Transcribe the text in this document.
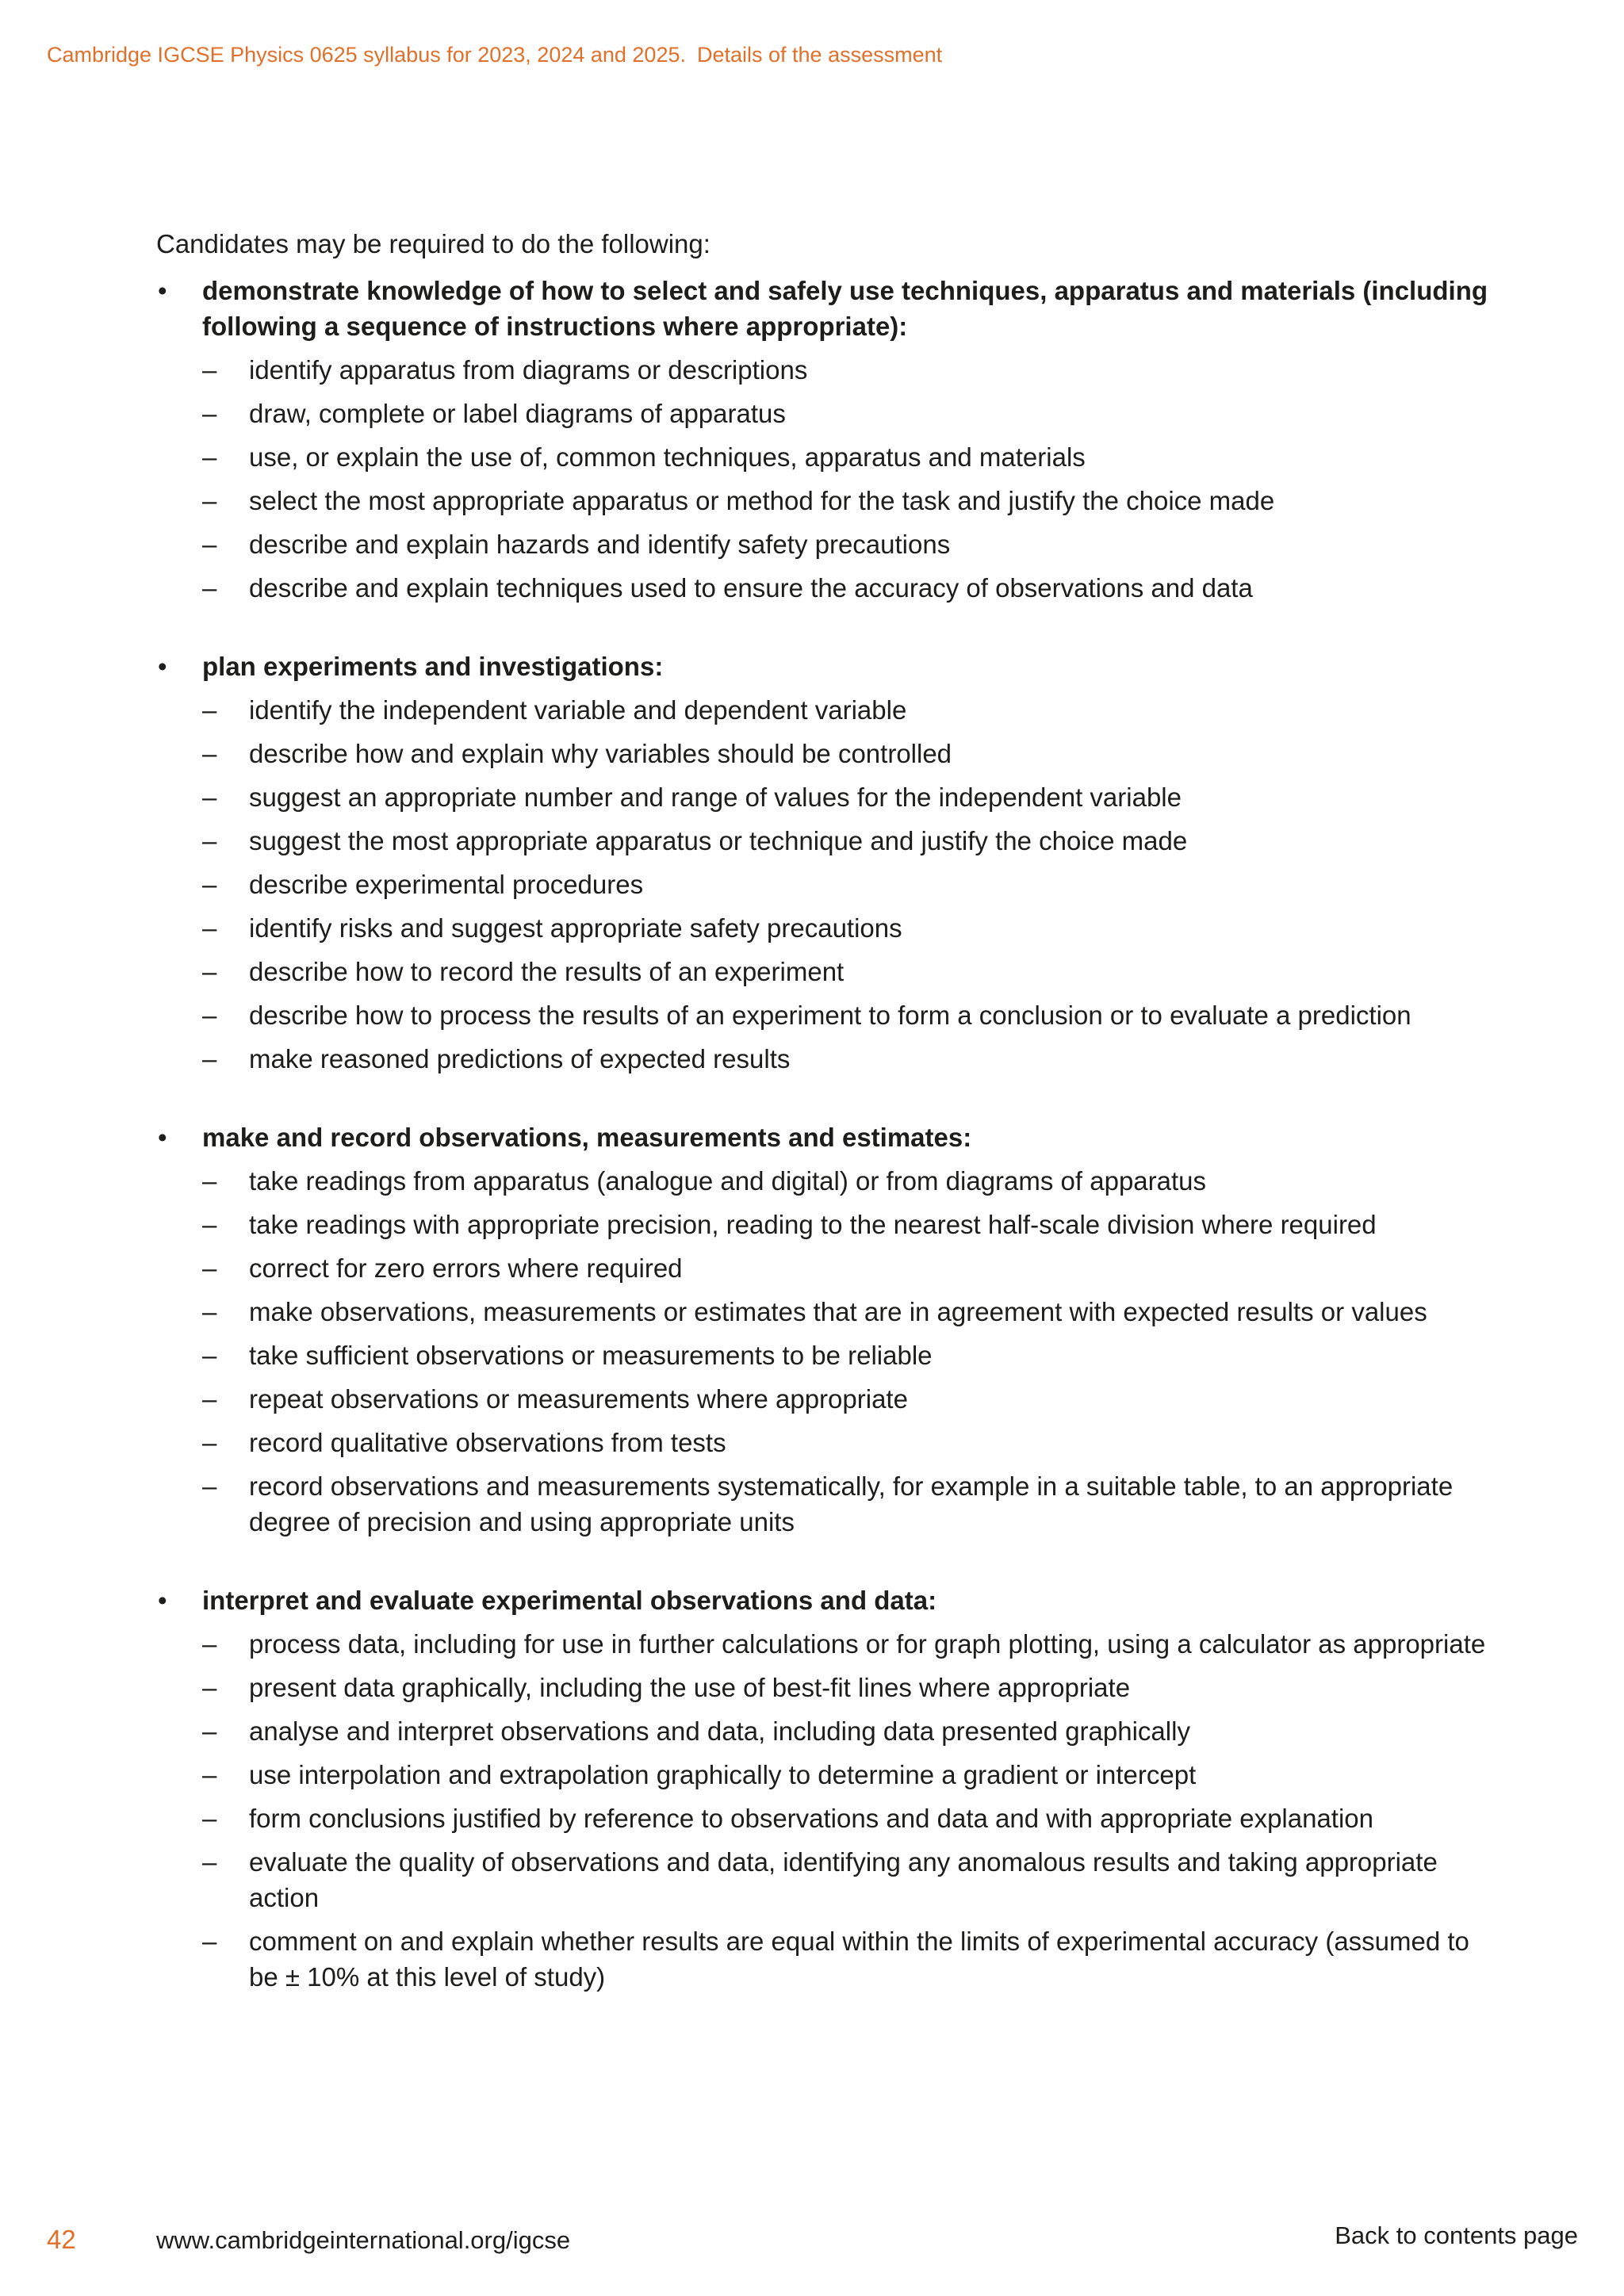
Cambridge IGCSE Physics 0625 syllabus for 2023, 2024 and 2025. Details of the assessment

Candidates may be required to do the following:

• demonstrate knowledge of how to select and safely use techniques, apparatus and materials (including following a sequence of instructions where appropriate):
– identify apparatus from diagrams or descriptions
– draw, complete or label diagrams of apparatus
– use, or explain the use of, common techniques, apparatus and materials
– select the most appropriate apparatus or method for the task and justify the choice made
– describe and explain hazards and identify safety precautions
– describe and explain techniques used to ensure the accuracy of observations and data
• plan experiments and investigations:
– identify the independent variable and dependent variable
– describe how and explain why variables should be controlled
– suggest an appropriate number and range of values for the independent variable
– suggest the most appropriate apparatus or technique and justify the choice made
– describe experimental procedures
– identify risks and suggest appropriate safety precautions
– describe how to record the results of an experiment
– describe how to process the results of an experiment to form a conclusion or to evaluate a prediction
– make reasoned predictions of expected results
• make and record observations, measurements and estimates:
– take readings from apparatus (analogue and digital) or from diagrams of apparatus
– take readings with appropriate precision, reading to the nearest half-scale division where required
– correct for zero errors where required
– make observations, measurements or estimates that are in agreement with expected results or values
– take sufficient observations or measurements to be reliable
– repeat observations or measurements where appropriate
– record qualitative observations from tests
– record observations and measurements systematically, for example in a suitable table, to an appropriate degree of precision and using appropriate units
• interpret and evaluate experimental observations and data:
– process data, including for use in further calculations or for graph plotting, using a calculator as appropriate
– present data graphically, including the use of best-fit lines where appropriate
– analyse and interpret observations and data, including data presented graphically
– use interpolation and extrapolation graphically to determine a gradient or intercept
– form conclusions justified by reference to observations and data and with appropriate explanation
– evaluate the quality of observations and data, identifying any anomalous results and taking appropriate action
– comment on and explain whether results are equal within the limits of experimental accuracy (assumed to be ± 10% at this level of study)
42	www.cambridgeinternational.org/igcse	Back to contents page
